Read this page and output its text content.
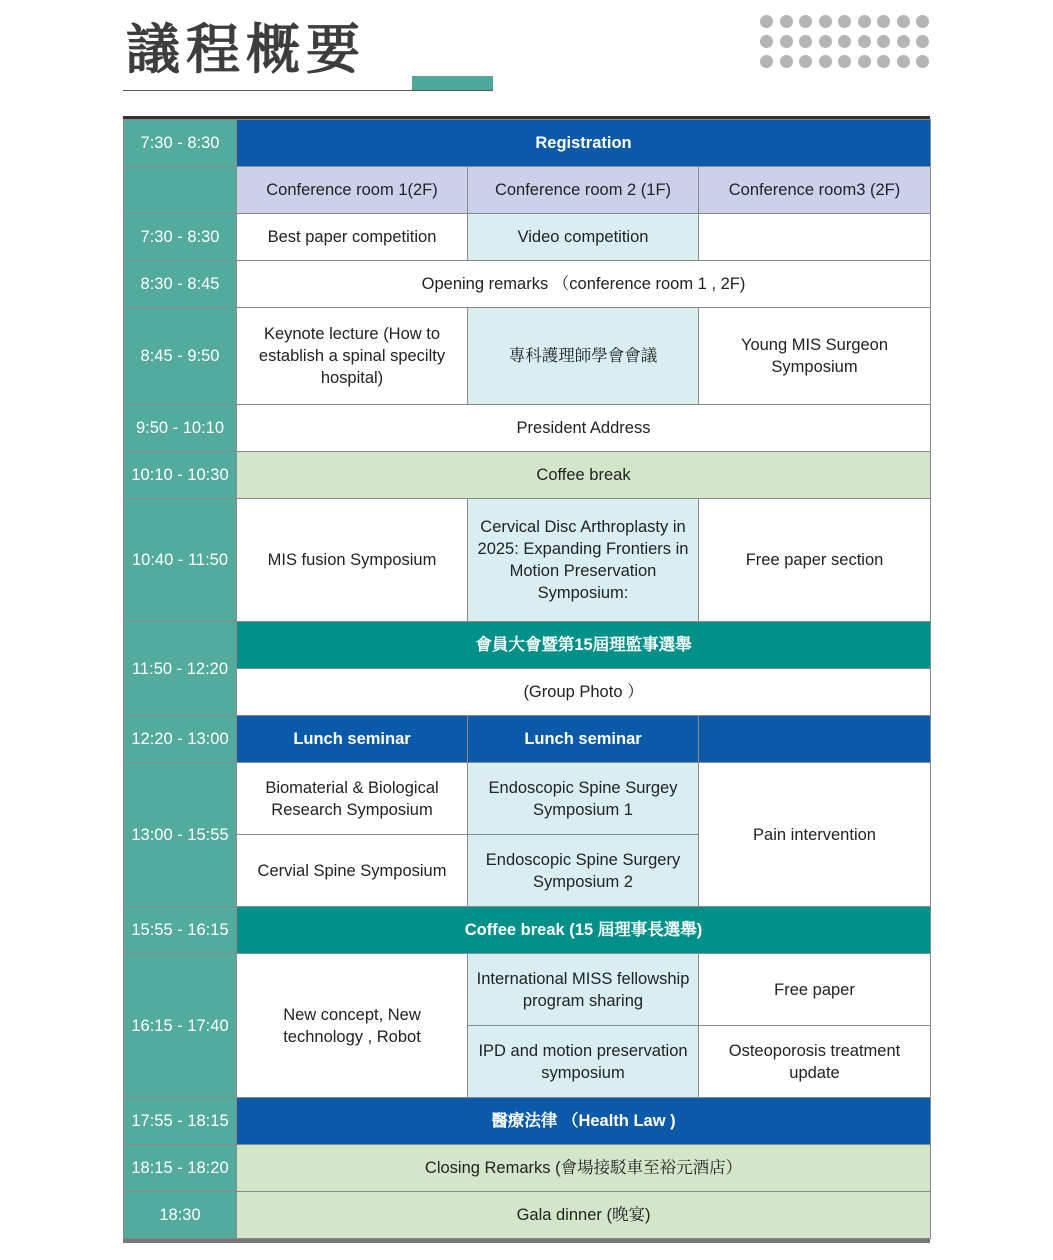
議程概要
7:30 - 8:30	Registration		
	Conference room 1(2F)	Conference room 2 (1F)	Conference room3 (2F)
7:30 - 8:30	Best paper competition	Video competition	
8:30 - 8:45	Opening remarks （conference room 1 , 2F)		
8:45 - 9:50	Keynote lecture (How to establish a spinal specilty hospital)	專科護理師學會會議	Young MIS Surgeon Symposium
9:50 - 10:10	President Address		
10:10 - 10:30	Coffee break		
10:40 - 11:50	MIS fusion Symposium	Cervical Disc Arthroplasty in 2025: Expanding Frontiers in Motion Preservation Symposium:	Free paper section
11:50 - 12:20	會員大會暨第15屆理監事選舉		
	(Group Photo ）		
12:20 - 13:00	Lunch seminar	Lunch seminar	
13:00 - 15:55	Biomaterial & Biological Research Symposium	Endoscopic Spine Surgey Symposium 1	Pain intervention
	Cervial Spine Symposium	Endoscopic Spine Surgery Symposium 2	
15:55 - 16:15	Coffee break (15 屆理事長選舉)		
16:15 - 17:40	New concept, New technology , Robot	International MISS fellowship program sharing	Free paper
		IPD and motion preservation symposium	Osteoporosis treatment update
17:55 - 18:15	醫療法律 （Health Law )		
18:15 - 18:20	Closing Remarks (會場接駁車至裕元酒店）		
18:30	Gala dinner (晚宴)		
